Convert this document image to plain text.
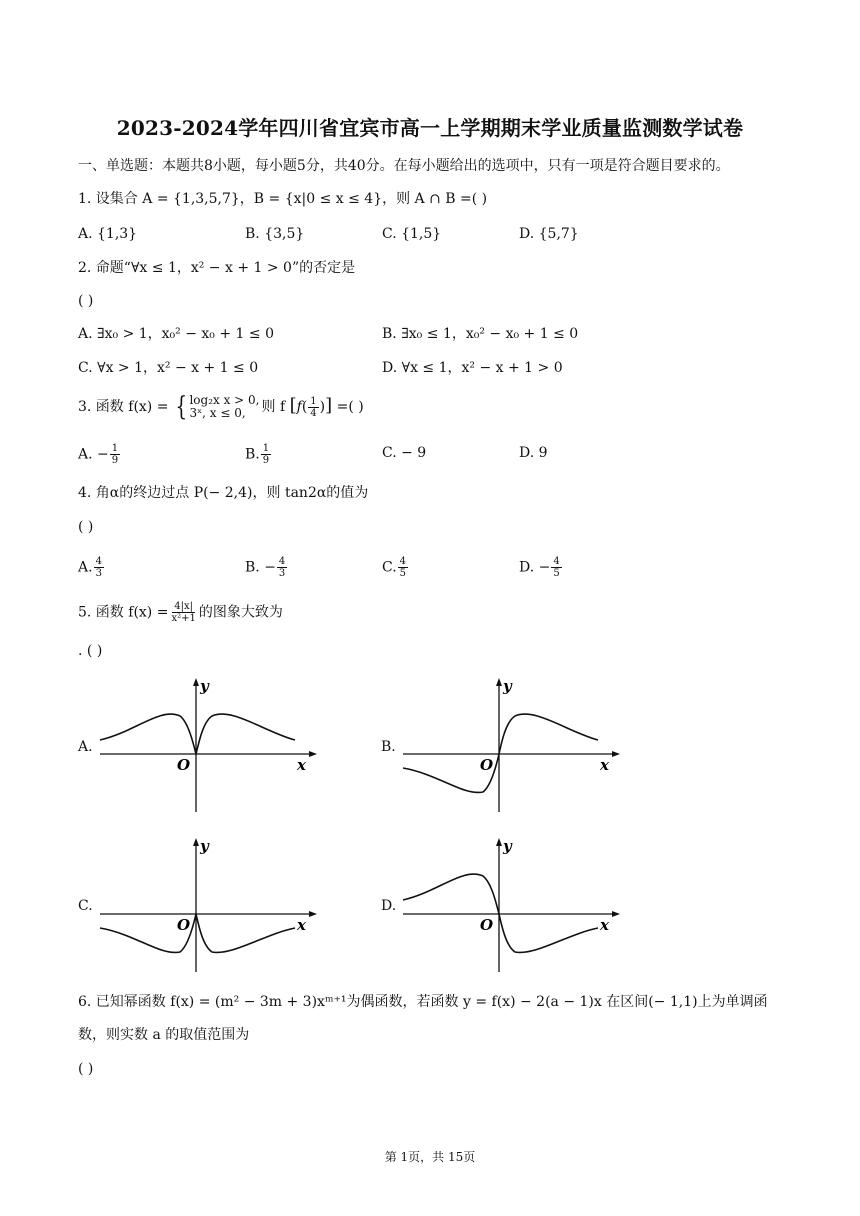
2023-2024学年四川省宜宾市高一上学期期末学业质量监测数学试卷
一、单选题：本题共8小题，每小题5分，共40分。在每小题给出的选项中，只有一项是符合题目要求的。
1. 设集合 A = {1,3,5,7}，B = {x|0 ≤ x ≤ 4}，则 A ∩ B =( )
A. {1,3}	B. {3,5}	C. {1,5}	D. {5,7}
2. 命题“∀x ≤ 1，x² − x + 1 > 0”的否定是
( )
A. ∃x₀ > 1，x₀² − x₀ + 1 ≤ 0	B. ∃x₀ ≤ 1，x₀² − x₀ + 1 ≤ 0
C. ∀x > 1，x² − x + 1 ≤ 0	D. ∀x ≤ 1，x² − x + 1 > 0
3. 函数 f(x) = { log₂x x > 0,
3ˣ, x ≤ 0,	则 f [$f( \frac{1}{4}$ )] =( )
A. − $\frac{1}{9}$	B. $\frac{1}{9}$	C. − 9	D. 9
4. 角α的终边过点 P(− 2,4)，则 tan2α的值为
( )
A. $\frac{4}{3}$	B. − $\frac{4}{3}$	C. $\frac{4}{5}$	D. − $\frac{4}{5}$
5. 函数 $f(x) = \frac{4|x|}{\text{x²+1}}$ 的图象大致为
. ( )
A.
y
x
O
B.
y
x
O
C.
y
x
O
D.
y
x
O
6. 已知幂函数 f(x) = (m² − 3m + 3)xᵐ⁺¹为偶函数，若函数 y = f(x) − 2(a − 1)x 在区间(− 1,1)上为单调函
数，则实数 a 的取值范围为
( )
第 1页，共 15页
